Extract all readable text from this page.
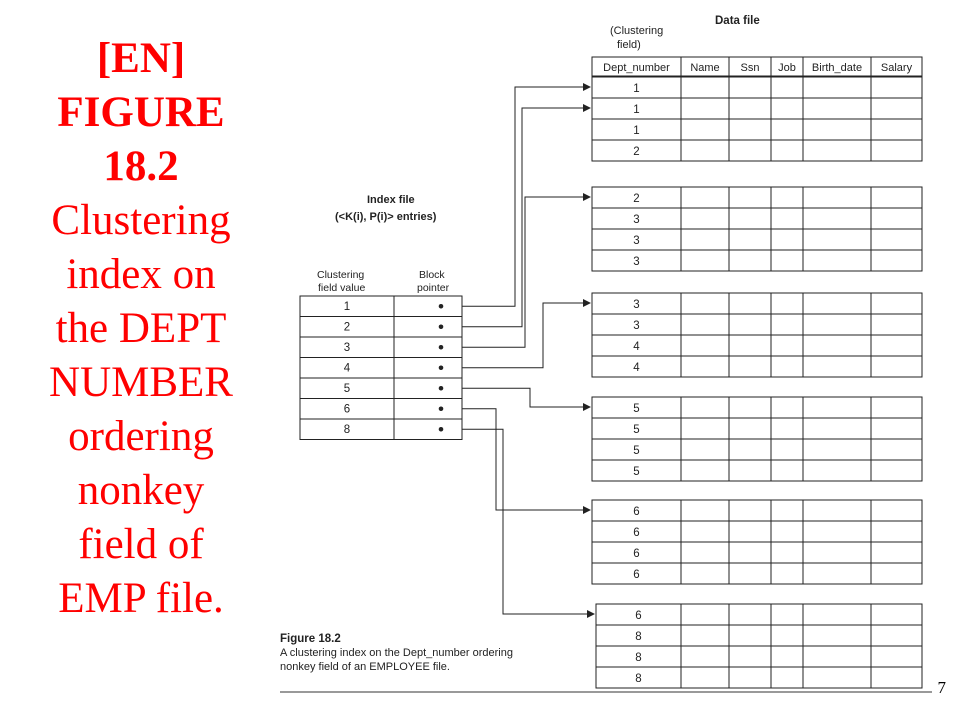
[EN]
FIGURE
18.2
Clustering
index on
the DEPT
NUMBER
ordering
nonkey
field of
EMP file.
Dept_number Name Ssn Job Birth_date Salary
1
1
1
2
2
3
3
3
3
3
4
4
5
5
5
5
6
6
6
6
6
8
8
8
1
2
3
4
5
6
8
Data file
(Clustering
field)
Index file
(<K(i), P(i)> entries)
Clustering
field value
Block
pointer
Figure 18.2
A clustering index on the Dept_number ordering
nonkey field of an EMPLOYEE file.
7
